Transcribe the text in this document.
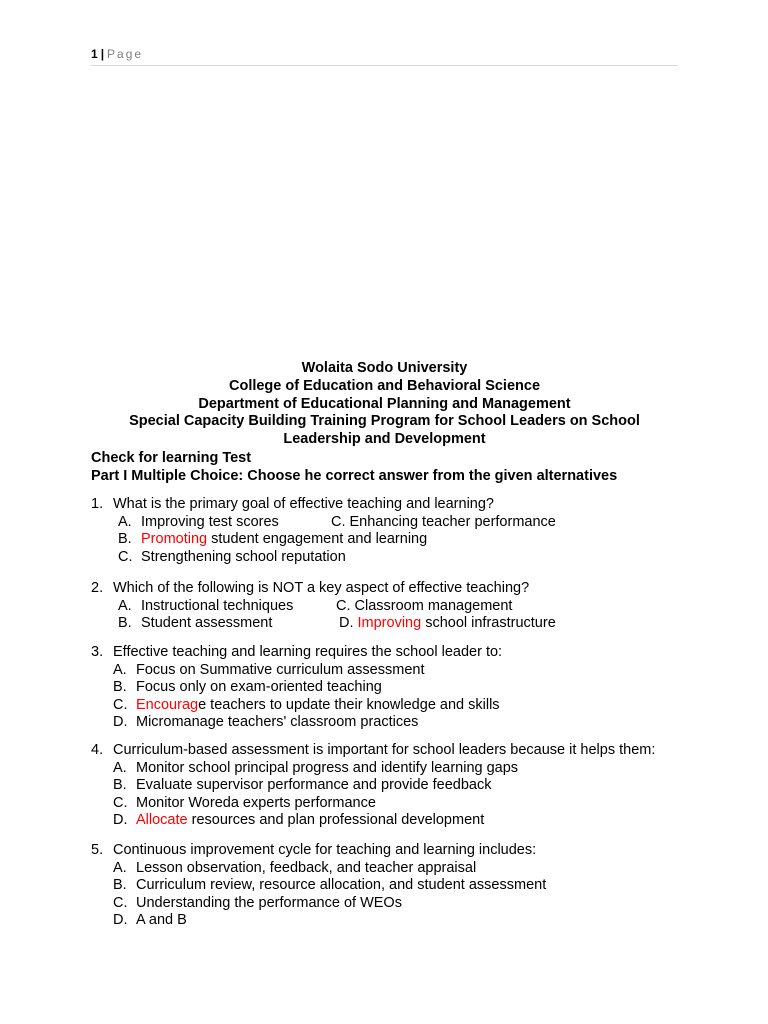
1 | Page
Wolaita Sodo University
College of Education and Behavioral Science
Department of Educational Planning and Management
Special Capacity Building Training Program for School Leaders on School
Leadership and Development
Check for learning Test
Part I Multiple Choice: Choose he correct answer from the given alternatives
1. What is the primary goal of effective teaching and learning?
A. Improving test scores	C. Enhancing teacher performance
B. Promoting student engagement and learning
C. Strengthening school reputation
2. Which of the following is NOT a key aspect of effective teaching?
A. Instructional techniques	C. Classroom management
B. Student assessment	D. Improving school infrastructure
3. Effective teaching and learning requires the school leader to:
A. Focus on Summative curriculum assessment
B. Focus only on exam-oriented teaching
C. Encourage teachers to update their knowledge and skills
D. Micromanage teachers' classroom practices
4. Curriculum-based assessment is important for school leaders because it helps them:
A. Monitor school principal progress and identify learning gaps
B. Evaluate supervisor performance and provide feedback
C. Monitor Woreda experts performance
D. Allocate resources and plan professional development
5. Continuous improvement cycle for teaching and learning includes:
A. Lesson observation, feedback, and teacher appraisal
B. Curriculum review, resource allocation, and student assessment
C. Understanding the performance of WEOs
D. A and B
